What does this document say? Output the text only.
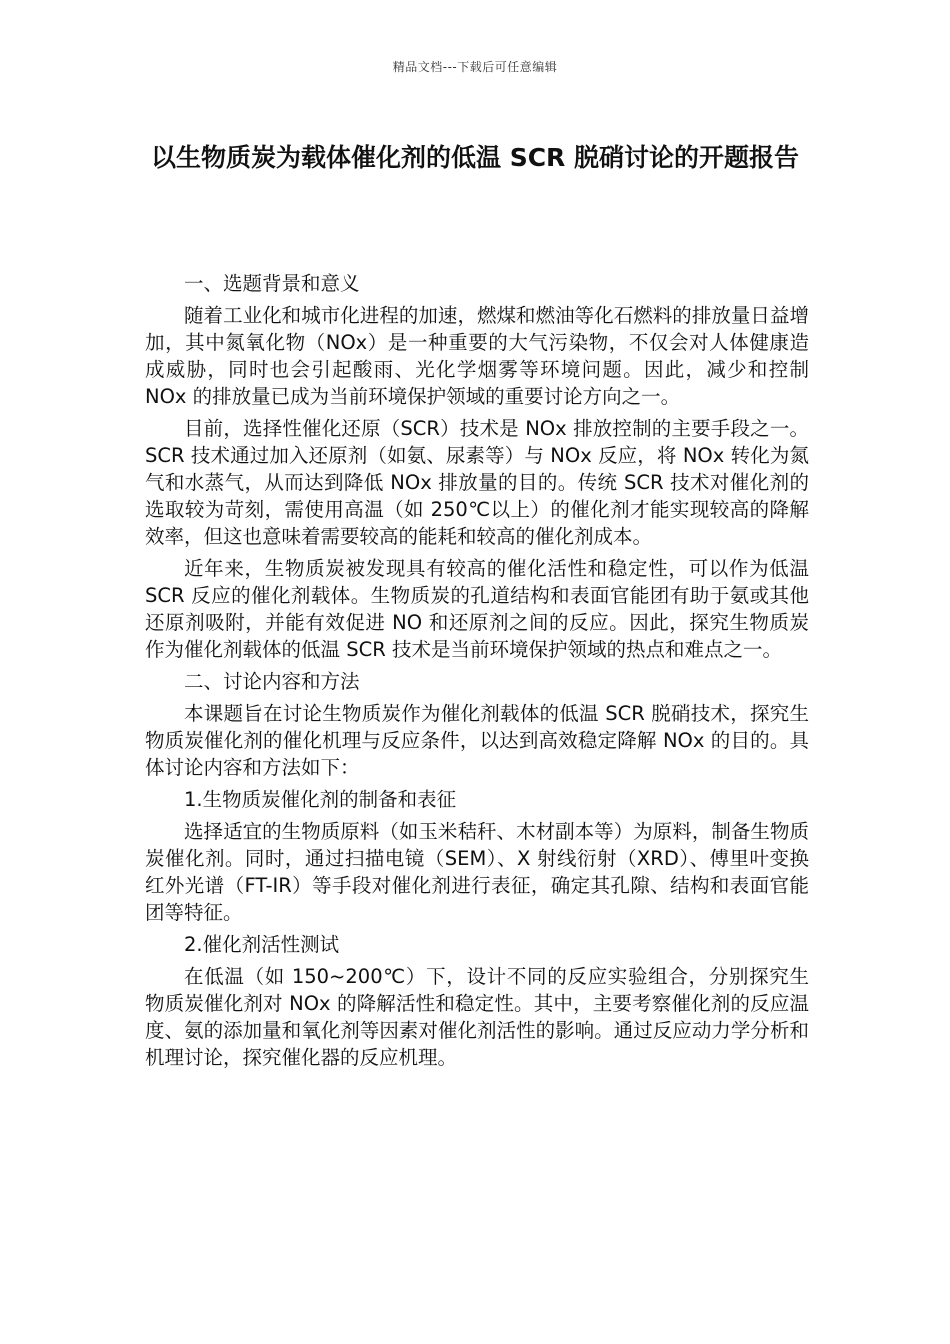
精品文档---下载后可任意编辑
以生物质炭为载体催化剂的低温 SCR 脱硝讨论的开题报告

一、选题背景和意义

随着工业化和城市化进程的加速，燃煤和燃油等化石燃料的排放量日益增加，其中氮氧化物（NOx）是一种重要的大气污染物，不仅会对人体健康造成威胁，同时也会引起酸雨、光化学烟雾等环境问题。因此，减少和控制 NOx 的排放量已成为当前环境保护领域的重要讨论方向之一。

目前，选择性催化还原（SCR）技术是 NOx 排放控制的主要手段之一。SCR 技术通过加入还原剂（如氨、尿素等）与 NOx 反应，将 NOx 转化为氮气和水蒸气，从而达到降低 NOx 排放量的目的。传统 SCR 技术对催化剂的选取较为苛刻，需使用高温（如 250℃以上）的催化剂才能实现较高的降解效率，但这也意味着需要较高的能耗和较高的催化剂成本。

近年来，生物质炭被发现具有较高的催化活性和稳定性，可以作为低温 SCR 反应的催化剂载体。生物质炭的孔道结构和表面官能团有助于氨或其他还原剂吸附，并能有效促进 NO 和还原剂之间的反应。因此，探究生物质炭作为催化剂载体的低温 SCR 技术是当前环境保护领域的热点和难点之一。

二、讨论内容和方法

本课题旨在讨论生物质炭作为催化剂载体的低温 SCR 脱硝技术，探究生物质炭催化剂的催化机理与反应条件，以达到高效稳定降解 NOx 的目的。具体讨论内容和方法如下：

1.生物质炭催化剂的制备和表征

选择适宜的生物质原料（如玉米秸秆、木材副本等）为原料，制备生物质炭催化剂。同时，通过扫描电镜（SEM）、X 射线衍射（XRD）、傅里叶变换红外光谱（FT-IR）等手段对催化剂进行表征，确定其孔隙、结构和表面官能团等特征。

2.催化剂活性测试

在低温（如 150~200℃）下，设计不同的反应实验组合，分别探究生物质炭催化剂对 NOx 的降解活性和稳定性。其中，主要考察催化剂的反应温度、氨的添加量和氧化剂等因素对催化剂活性的影响。通过反应动力学分析和机理讨论，探究催化器的反应机理。
